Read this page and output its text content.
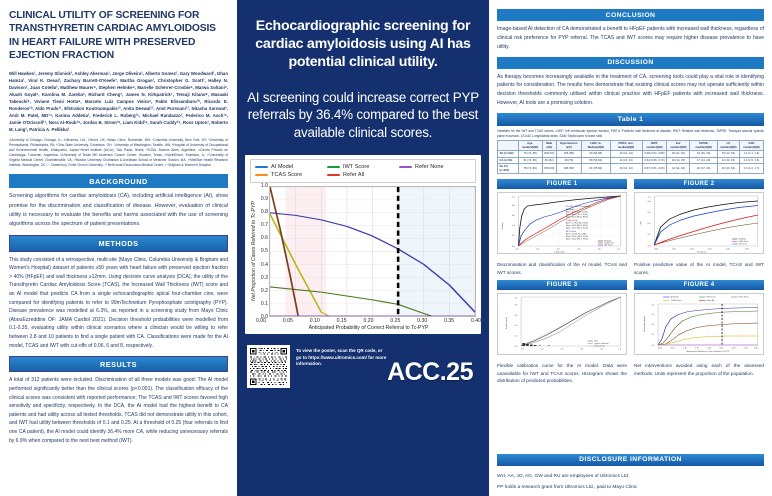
CLINICAL UTILITY OF SCREENING FOR TRANSTHYRETIN CARDIAC AMYLOIDOSIS IN HEART FAILURE WITH PRESERVED EJECTION FRACTION
Will Hawkes¹, Jeremy Slivnick², Ashley Akerman¹, Jorge Oliveira¹, Alberto Gomez¹, Gary Woodward¹, Izhan Hamza¹, Viral K. Desai³, Zachary Barrett-O'Keefe³, Martha Grogan³, Christopher G. Scott³, Halley N. Davison³, Juan Cotella², Matthew Maurer⁴, Stephen Helmke⁴, Marielle Scherrer-Crosbie⁵, Marwa Soltani⁶, Akash Goyal⁶, Karolina M. Zareba⁶, Richard Cheng⁷, James N. Kirkpatrick⁷, Tetsuji Kitano⁸, Masaaki Takeuchi⁸, Viviane Tiemi Hotta⁹, Marcelo Luiz Campos Vieira⁹, Pablo Elissamburu¹⁰, Ricardo E. Ronderos¹⁰, Aldo Prado¹¹, Efstratios Koutroumpakis¹², Anita Deswal¹², Amit Pursnani¹³, Nitasha Sarswat², Amit M. Patel, MD¹⁴, Karima Addetia², Frederick L. Ruberg¹⁵, Michael Randazzo², Federico M. Asch¹⁶, Jamie O'Driscoll¹⁷, Nora Al-Roub¹⁸, Jordan B. Strom¹⁸, Liam Kidd¹⁹, Sarah Cuddy¹⁹, Ross Upton¹, Roberto M. Lang², Patricia A. Pellikka³
¹University of Chicago, Chicago, IL; ²Ultromics, Ltd., Oxford, UK; ³Mayo Clinic, Rochester, MN; ⁴Columbia University, New York, NY; ⁵University of Pennsylvania, Philadelphia, PA; ⁶Ohio State University, Columbus, OH; ⁷University of Washington, Seattle, WA; ⁸Hospital of University of Occupational and Environmental Health, Kitakyushu, Japan;⁹Heart Institute (InCor), Sao Paolo, Brazil; ¹⁰ICBA, Buenos Aires, Argentina; ¹¹Centro Privado de Cardiologia, Tucuman, Argentina; ¹²University of Texas MD Anderson Cancer Center, Houston, Texas; ¹³NorthShore, Evanston, IL; ¹⁴University of Virginia Medical Center, Charlottesville, VA; ¹⁵Boston University Chobanian & Avedisian School of Medicine, Boston, MA; ¹⁶MedStar Health Research Institute, Washington, DC; ¹⁷ Canterbury Christ Church University; ¹⁸ Beth Israel Deaconess Medical Centre; ¹⁹ Brigham & Women's Hospital
BACKGROUND
Screening algorithms for cardiac amyloidosis (CA), including artificial intelligence (AI), show promise for the discrimination and classification of disease. However, evaluation of clinical utility is necessary to evaluate the benefits and harms associated with the use of screening algorithms across the spectrum of patient presentations.
METHODS
This study consisted of a retrospective, multi-site (Mayo Clinic, Columbia University & Brigham and Women's Hospital) dataset of patients ≥50 years with heart failure with preserved ejection fraction > 40% (HFpEF) and wall thickness ≥12mm. Using decision curve analysis (DCA), the utility of the Transthyretin Cardiac Amyloidosis Score (TCAS), the Increased Wall Thickness (IWT) score and an AI model that predicts CA from a single echocardiographic apical four-chamber cine, were compared for identifying patients to refer to 99mTechnetium Pyrophosphate scintigraphy (PYP). Disease prevalence was modelled at 6.3%, as reported in a screening study from Mayo Clinic (AbouEzzeddine OF: JAMA Cardiol 2021). Decision threshold probabilities were modelled from 0.1-0.35, evaluating utility within clinical scenarios where a clinician would be willing to refer between 2.8 and 10 patients to find a single patient with CA. Classifications were made for the AI model, TCAS and IWT with cut-offs of 0.06, 6 and 8, respectively.
RESULTS
A total of 312 patients were included. Discrimination of all three models was good: The AI model performed significantly better than the clinical scores (p<0.001). The classification efficacy of the clinical scores was consistent with reported performance; The TCAS and IWT scores favored high sensitivity and specificity, respectively. In the DCA, the AI model had the highest benefit to CA patients and had utility across all tested thresholds. TCAS did not demonstrate utility in this cohort, and IWT had utility between thresholds of 0.1 and 0.25. At a threshold of 0.25 (four referrals to find one CA patient), the AI model could identify 36.4% more CA, while reducing unnecessary referrals by 6.9% when compared to the next best method (IWT).
Echocardiographic screening for cardiac amyloidosis using AI has potential clinical utility.
AI screening could increase correct PYP referrals by 36.4% compared to the best available clinical scores.
AI Model	IWT Score	Refer None
TCAS Score	Refer All
Net Proportion of Cases Referred to Tc-PYP
0.0
0.1
0.2
0.3
0.4
0.5
0.6
0.7
0.8
0.9
1.0
0.00	0.05	0.10	0.15	0.20	0.25	0.30	0.35	0.40
Anticipated Probability of Correct Referral to Tc-PYP
To view the poster, scan the QR code, or go to https://www.ultromics.com/ for more information.	ACC.25
CONCLUSION
Image-based AI detection of CA demonstrated a benefit to HFpEF patients with increased wall thickness, regardless of clinical risk preference for PYP referral. The TCAS and IWT scores may require higher disease prevalence to have utility.
DISCUSSION
As therapy becomes increasingly available in the treatment of CA, screening tools could play a vital role in identifying patients for consideration. The results here demonstrate that existing clinical scores may not operate sufficiently within decision thresholds commonly utilised within clinical practice with HFpEF patients with increased wall thickness. However, AI tools are a promising solution.
Table 1
Variables for the IWT and TCAS scores. LVEF: left ventricular ejection fraction, PWTd: Posterior wall thickness at diastole, RWT: Relative wall thickness, TAPSE: Tricuspid annular systolic plane excursion, LS A4C Longitudinal strain, SAB: Septal apex to base ratio
	Age, median(IQR)	Male n(%)	Hypertension n(%)	LVEF, %, Median(IQR)	PWTd, mm, median(IQR)	RWT, median(IQR)	E/e' median(IQR)	TAPSE, median(IQR)	LS median(IQR)	SAB median(IQR)
All (n=312)	79 (72, 85)	208 (67)	256 (85)	60 (54,65)	13 (12, 14)	0.58 (0.52, 0.65)	15 (11, 20)	19 (16, 23)	15 (12, 18)	1.4 (1.1, 1.9)
CA (n=61)	81 (74, 86)	50 (82)	48 (79)	58 (50,64)	14 (13, 16)	0.64 (0.56, 0.72)	19 (14, 25)	17 (14, 20)	12 (10, 15)	2.0 (1.5, 2.6)
No CA (n=251)	78 (71, 84)	158 (63)	208 (83)	61 (55,66)	13 (12, 14)	0.57 (0.51, 0.63)	14 (11, 19)	20 (17, 23)	16 (13, 19)	1.3 (1.0, 1.7)
FIGURE 1
N = 312, 20% Prevalence
AI Model
AUC: 0.92 (0.87, 0.96)
Sens: 88.0 (79.1, 96.0)
Spec: 82.0 (80.4, 88.0)
TCAS Score
AUC: 0.78 (0.68, 0.84)
Sens: 93.0 (86.4, 98.0)
Spec: 30.0 (26.1, 33.0)
IWT Score
AUC: 0.8 (0.70, 0.86)
Sens: 33.0 (19.8, 39.0)
Spec: 96.0 (93.7, 98.0)
0.0
0.2
0.4
0.6
0.8
1.0
0.0	0.2	0.4	0.6	0.8	1.0
1-Specificity
Sensitivity
AI Model
TCAS Score
IWT Score
FIGURE 2
0.0
0.2
0.4
0.6
0.8
1.0
0.00	0.05	0.10	0.15	0.20	0.25
Prevalence
PPV
AI Model
TCAS Score
IWT Score
Discrimination and classification of the AI model, TCAS and IWT scores.
Positive predictive value of the AI model, TCAS and IWT scores.
FIGURE 3
0.0
0.2
0.4
0.6
0.8
1.0
0.0	0.2	0.4	0.6	0.8	1.0
Actual Probability
Ideal
Logistic calibration
Nonparametric
FIGURE 4
AI Model	IWT Score	Refer None
TCAS Score	Refer All
0.0
0.1
0.2
0.3
0.4
0.00	0.05	0.10	0.15	0.20	0.25	0.30	0.35 0.40
Anticipated Probability of Correct Referral to Tc-PYP
Net Interventions Avoided
Flexible calibration curve for the AI model. Data were unavailable for IWT and TCAS scores. Histogram shows the distribution of predicted probabilities.
Net interventions avoided using each of the assessed methods. Units represent the proportion of the population.
DISCLOSURE INFORMATION
WH, AA, JO, AG, GW and RU are employees of Ultromics Ltd.
PP holds a research grant from Ultromics Ltd., paid to Mayo Clinic
